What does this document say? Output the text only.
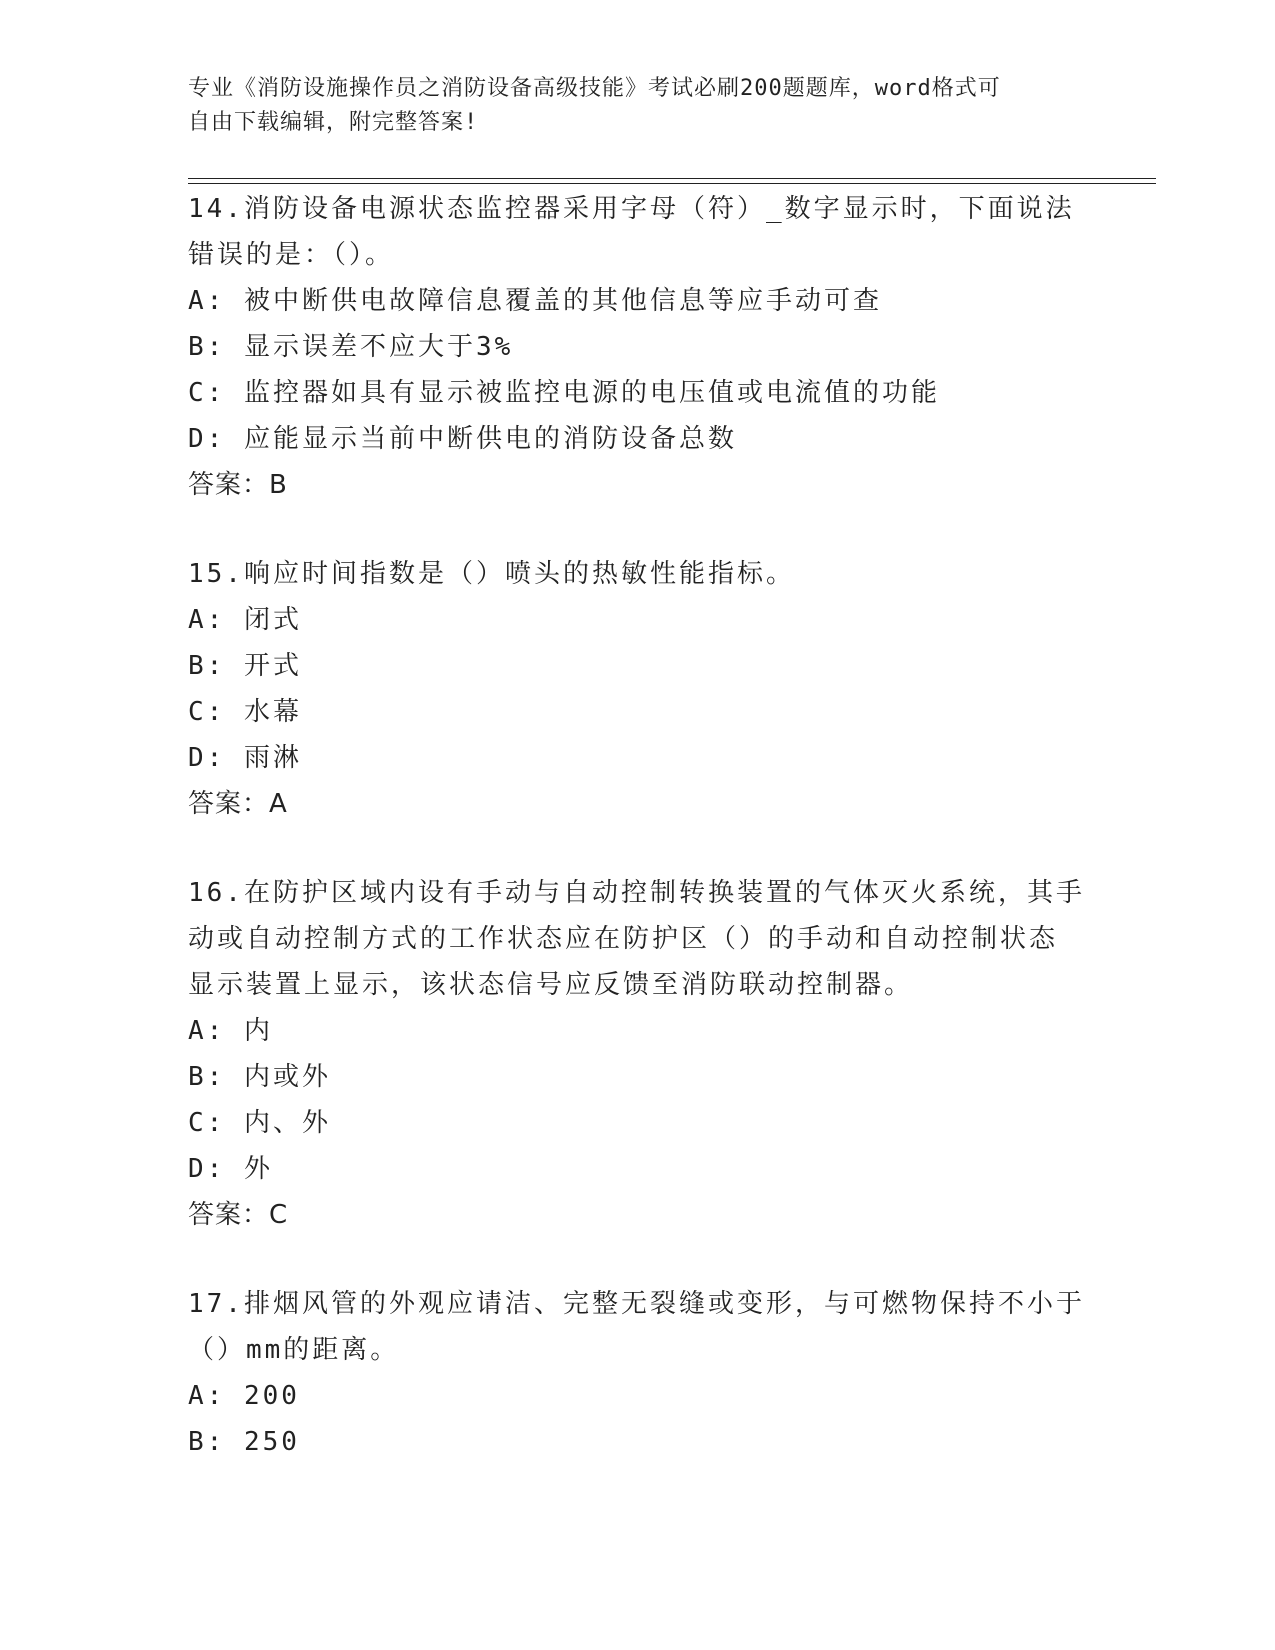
专业《消防设施操作员之消防设备高级技能》考试必刷200题题库，word格式可
自由下载编辑，附完整答案!
14.消防设备电源状态监控器采用字母（符）_数字显示时，下面说法
错误的是：（）。
A: 被中断供电故障信息覆盖的其他信息等应手动可查
B: 显示误差不应大于3%
C: 监控器如具有显示被监控电源的电压值或电流值的功能
D: 应能显示当前中断供电的消防设备总数
答案：B
15.响应时间指数是（）喷头的热敏性能指标。
A: 闭式
B: 开式
C: 水幕
D: 雨淋
答案：A
16.在防护区域内设有手动与自动控制转换装置的气体灭火系统，其手
动或自动控制方式的工作状态应在防护区（）的手动和自动控制状态
显示装置上显示，该状态信号应反馈至消防联动控制器。
A: 内
B: 内或外
C: 内、外
D: 外
答案：C
17.排烟风管的外观应请洁、完整无裂缝或变形，与可燃物保持不小于
（）mm的距离。
A: 200
B: 250
